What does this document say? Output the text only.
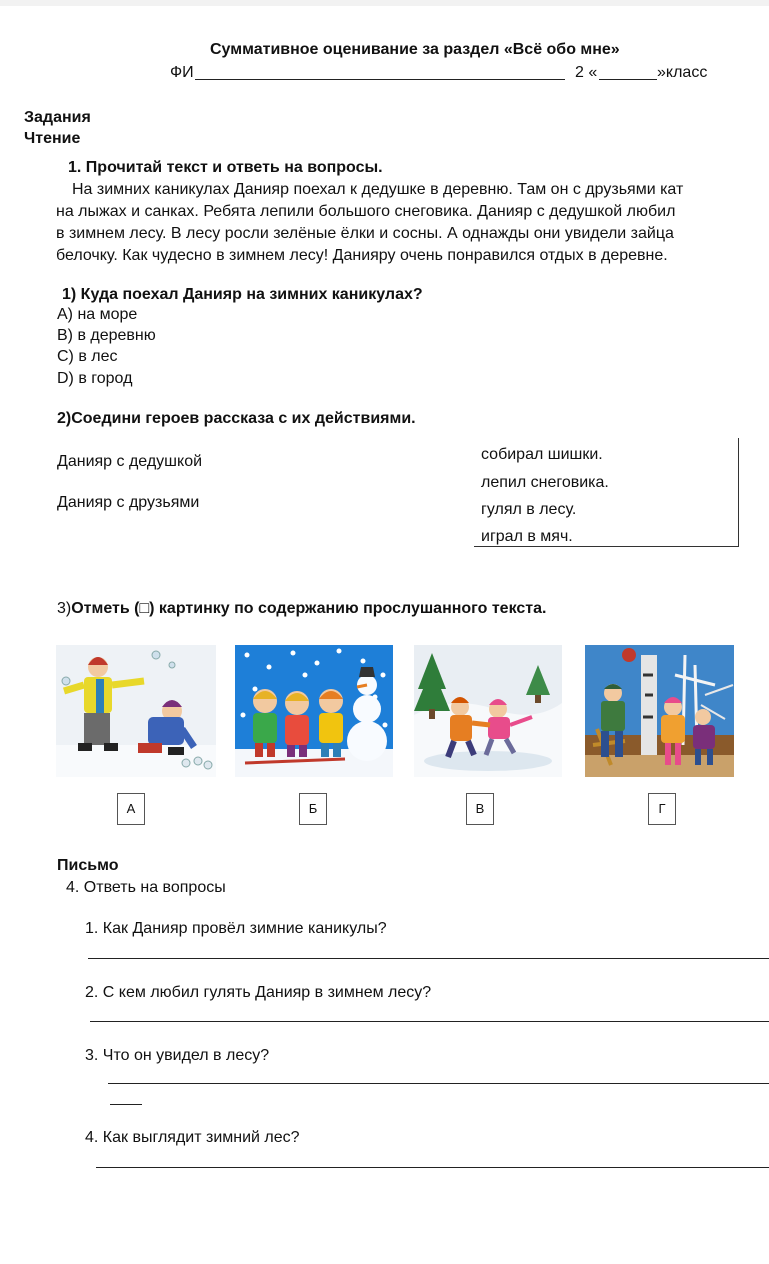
Суммативное оценивание за раздел «Всё обо мне»
ФИ	2 «	»класс
Задания
Чтение
1. Прочитай текст и ответь на вопросы.
На зимних каникулах Данияр поехал к дедушке в деревню. Там он с друзьями кат
на лыжах и санках. Ребята лепили большого снеговика. Данияр с дедушкой любил
в зимнем лесу. В лесу росли зелёные ёлки и сосны. А однажды они увидели зайца
белочку. Как чудесно в зимнем лесу! Данияру очень понравился отдых в деревне.
1) Куда поехал Данияр на зимних каникулах?
А) на море
В) в деревню
С) в лес
D) в город
2)Соедини героев рассказа с их действиями.
Данияр с дедушкой
Данияр с друзьями
собирал шишки.
лепил снеговика.
гулял в лесу.
играл в мяч.
3)Отметь (□) картинку по содержанию прослушанного текста.
А	Б	В	Г
Письмо
4. Ответь на вопросы
1. Как Данияр провёл зимние каникулы?
2. С кем любил гулять Данияр в зимнем лесу?
3. Что он увидел в лесу?
4. Как выглядит зимний лес?
